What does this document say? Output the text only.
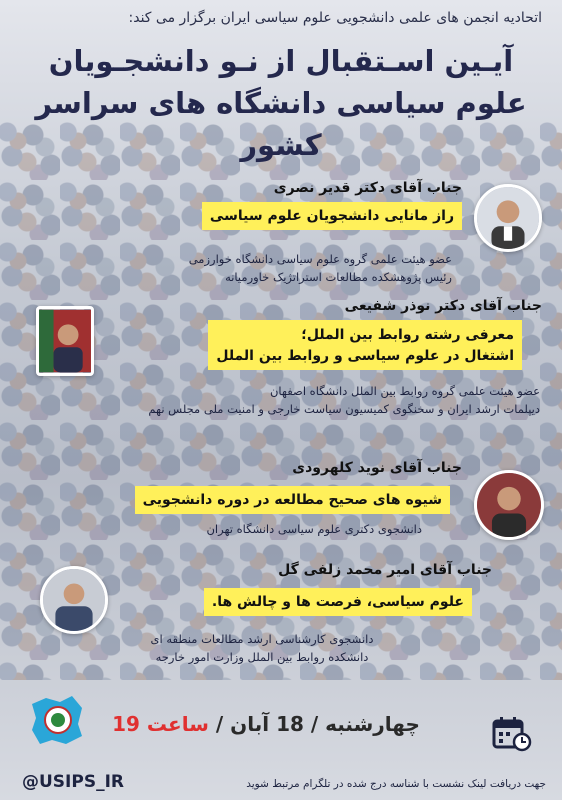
اتحادیه انجمن های علمی دانشجویی علوم سیاسی ایران برگزار می کند:
آیـین اسـتقبال از نـو دانشجـویان
علوم سیاسی دانشگاه های سراسر کشور
جناب آقای دکتر قدیر نصری
راز مانایی دانشجویان علوم سیاسی
عضو هیئت علمی گروه علوم سیاسی دانشگاه خوارزمی
رئیس پژوهشکده مطالعات استراتژیک خاورمیانه
جناب آقای دکتر نوذر شفیعی
معرفی رشته روابط بین الملل؛
اشتغال در علوم سیاسی و روابط بین الملل
عضو هیئت علمی گروه روابط بین الملل دانشگاه اصفهان
دیپلمات ارشد ایران و سخنگوی کمیسیون سیاست خارجی و امنیت ملی مجلس نهم
جناب آقای نوید کلهرودی
شیوه های صحیح مطالعه در دوره دانشجویی
دانشجوی دکتری علوم سیاسی دانشگاه تهران
جناب آقای امیر محمد زلفی گل
علوم سیاسی، فرصت ها و چالش ها.
دانشجوی کارشناسی ارشد مطالعات منطقه ای
دانشکده روابط بین الملل وزارت امور خارجه
چهارشنبه / 18 آبان / ساعت 19
@USIPS_IR	جهت دریافت لینک نشست با شناسه درج شده در تلگرام مرتبط شوید
